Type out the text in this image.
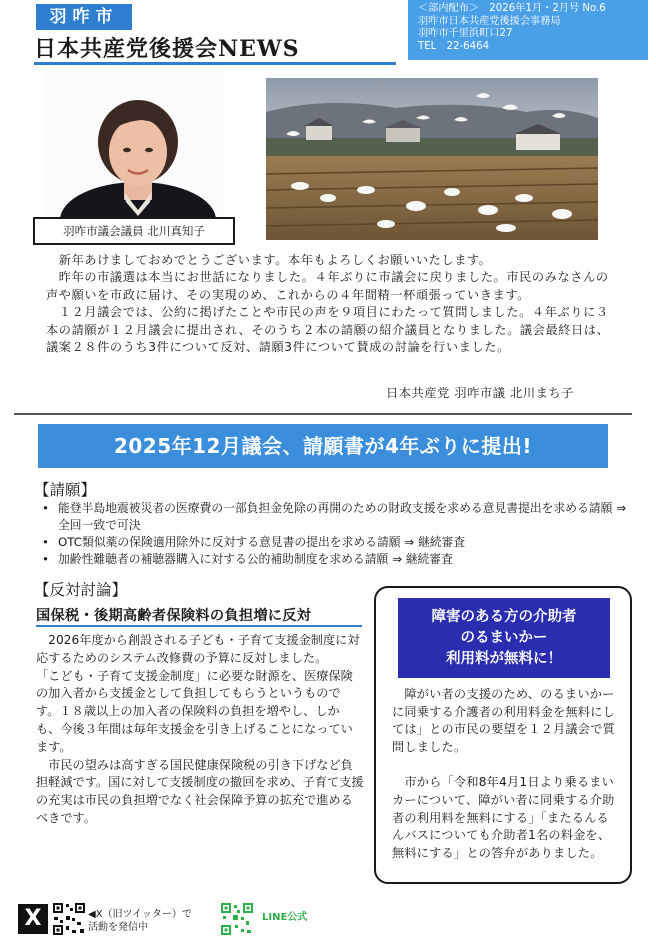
羽咋市
日本共産党後援会NEWS
＜部内配布＞　2026年1月・2月号 No.6
羽咋市日本共産党後援会事務局
羽咋市千里浜町口27
TEL　22-6464
羽咋市議会議員 北川真知子

　新年あけましておめでとうございます。本年もよろしくお願いいたします。

　昨年の市議選は本当にお世話になりました。４年ぶりに市議会に戻りました。市民のみなさんの声や願いを市政に届け、その実現のめ、これからの４年間精一杯頑張っていきます。

　１２月議会では、公約に掲げたことや市民の声を９項目にわたって質問しました。４年ぶりに３本の請願が１２月議会に提出され、そのうち２本の請願の紹介議員となりました。議会最終日は、議案２８件のうち3件について反対、請願3件について賛成の討論を行いました。

日本共産党 羽咋市議 北川まち子
2025年12月議会、請願書が4年ぶりに提出!
【請願】
• 能登半島地震被災者の医療費の一部負担金免除の再開のための財政支援を求める意見書提出を求める請願 ⇒ 全回一致で可決
• OTC類似薬の保険適用除外に反対する意見書の提出を求める請願 ⇒ 継続審査
• 加齢性難聴者の補聴器購入に対する公的補助制度を求める請願 ⇒ 継続審査
【反対討論】
国保税・後期高齢者保険料の負担増に反対

　2026年度から創設される子ども・子育て支援金制度に対応するためのシステム改修費の予算に反対しました。

「こども・子育て支援金制度」に必要な財源を、医療保険の加入者から支援金として負担してもらうというものです。１８歳以上の加入者の保険料の負担を増やし、しかも、今後３年間は毎年支援金を引き上げることになっています。

　市民の望みは高すぎる国民健康保険税の引き下げなど負担軽減です。国に対して支援制度の撤回を求め、子育て支援の充実は市民の負担増でなく社会保障予算の拡充で進めるべきです。

障害のある方の介助者
のるまいかー
利用料が無料に！

　障がい者の支援のため、のるまいかーに同乗する介護者の利用料金を無料にしては」との市民の要望を１２月議会で質問しました。

　市から「令和8年4月1日より乗るまいカーについて、障がい者に同乗する介助者の利用料を無料にする」「またるんるんバスについても介助者1名の料金を、無料にする」との答弁がありました。

X	◀X（旧ツイッター）で
活動を発信中
LINE公式
